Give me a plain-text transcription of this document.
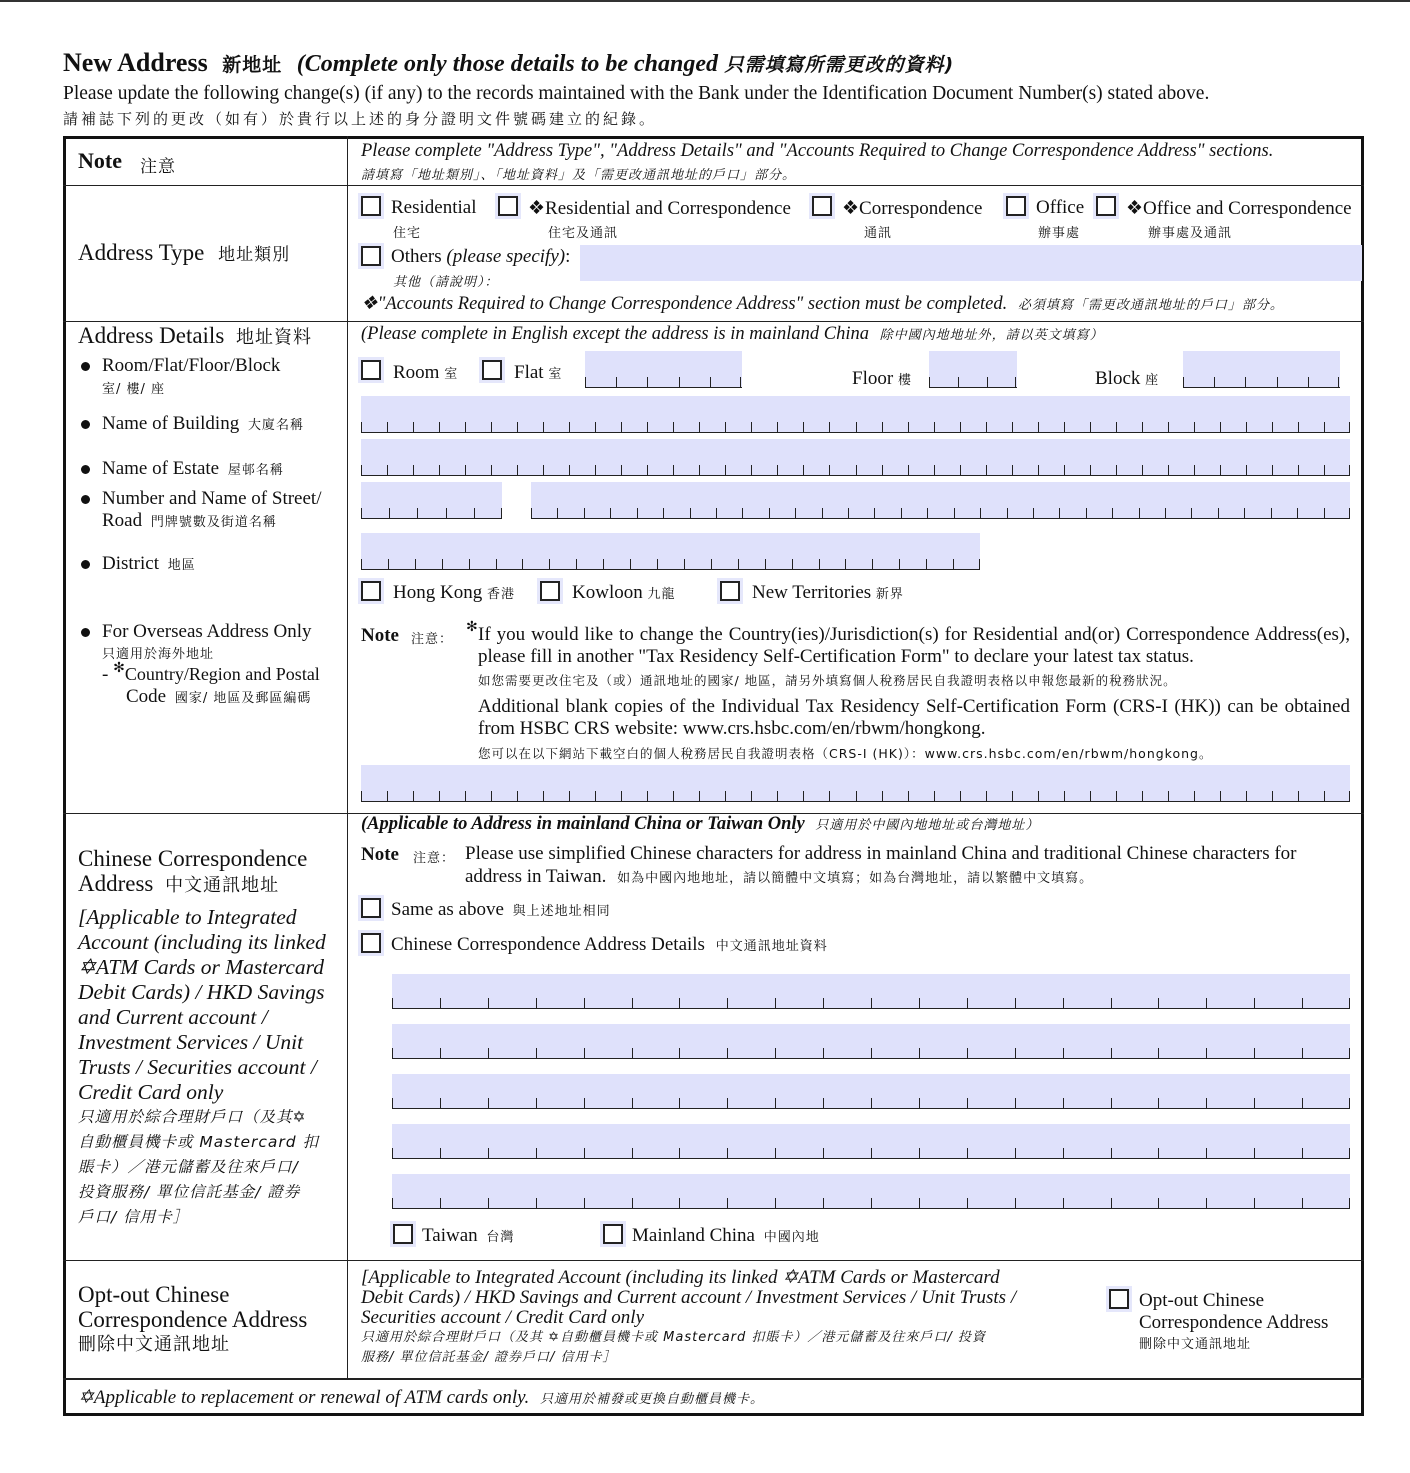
New Address 新地址 (Complete only those details to be changed 只需填寫所需更改的資料)
Please update the following change(s) (if any) to the records maintained with the Bank under the Identification Document Number(s) stated above.
請補誌下列的更改（如有）於貴行以上述的身分證明文件號碼建立的紀錄。
Note 注意
Please complete "Address Type", "Address Details" and "Accounts Required to Change Correspondence Address" sections.
請填寫「地址類別」、「地址資料」及「需更改通訊地址的戶口」部分。
Address Type 地址類別
Residential
住宅
❖Residential and Correspondence
住宅及通訊
❖Correspondence
通訊
Office
辦事處
❖Office and Correspondence
辦事處及通訊
Others (please specify):
其他（請說明）：
❖"Accounts Required to Change Correspondence Address" section must be completed. 必須填寫「需更改通訊地址的戶口」部分。
Address Details 地址資料	(Please complete in English except the address is in mainland China 除中國內地地址外，請以英文填寫）
Room/Flat/Floor/Block
室/ 樓/ 座
Name of Building 大廈名稱
Name of Estate 屋邨名稱
Number and Name of Street/
Road 門牌號數及街道名稱
District 地區
For Overseas Address Only
只適用於海外地址
- ✻Country/Region and Postal
Code 國家/ 地區及郵區編碼
Room 室	Flat 室	Floor 樓	Block 座
Hong Kong 香港	Kowloon 九龍	New Territories 新界
Note 注意：
✻ If you would like to change the Country(ies)/Jurisdiction(s) for Residential and(or) Correspondence Address(es), please fill in another "Tax Residency Self-Certification Form" to declare your latest tax status.
如您需要更改住宅及（或）通訊地址的國家/ 地區，請另外填寫個人稅務居民自我證明表格以申報您最新的稅務狀況。
Additional blank copies of the Individual Tax Residency Self-Certification Form (CRS-I (HK)) can be obtained from HSBC CRS website: www.crs.hsbc.com/en/rbwm/hongkong.
您可以在以下網站下載空白的個人稅務居民自我證明表格（CRS-I (HK)）：www.crs.hsbc.com/en/rbwm/hongkong。
Chinese Correspondence
Address 中文通訊地址
[Applicable to Integrated
Account (including its linked
✡ATM Cards or Mastercard
Debit Cards) / HKD Savings
and Current account /
Investment Services / Unit
Trusts / Securities account /
Credit Card only
只適用於綜合理財戶口（及其✡
自動櫃員機卡或 Mastercard 扣
賬卡）／港元儲蓄及往來戶口/
投資服務/ 單位信託基金/ 證券
戶口/ 信用卡］
(Applicable to Address in mainland China or Taiwan Only 只適用於中國內地地址或台灣地址）
Note 注意： Please use simplified Chinese characters for address in mainland China and traditional Chinese characters for
address in Taiwan. 如為中國內地地址，請以簡體中文填寫；如為台灣地址，請以繁體中文填寫。
Same as above 與上述地址相同
Chinese Correspondence Address Details 中文通訊地址資料
Taiwan 台灣	Mainland China 中國內地
Opt-out Chinese
Correspondence Address
刪除中文通訊地址
[Applicable to Integrated Account (including its linked ✡ATM Cards or Mastercard
Debit Cards) / HKD Savings and Current account / Investment Services / Unit Trusts /
Securities account / Credit Card only
只適用於綜合理財戶口（及其 ✡自動櫃員機卡或 Mastercard 扣賬卡）／港元儲蓄及往來戶口/ 投資
服務/ 單位信託基金/ 證券戶口/ 信用卡］
Opt-out Chinese
Correspondence Address
刪除中文通訊地址
✡Applicable to replacement or renewal of ATM cards only. 只適用於補發或更換自動櫃員機卡。
